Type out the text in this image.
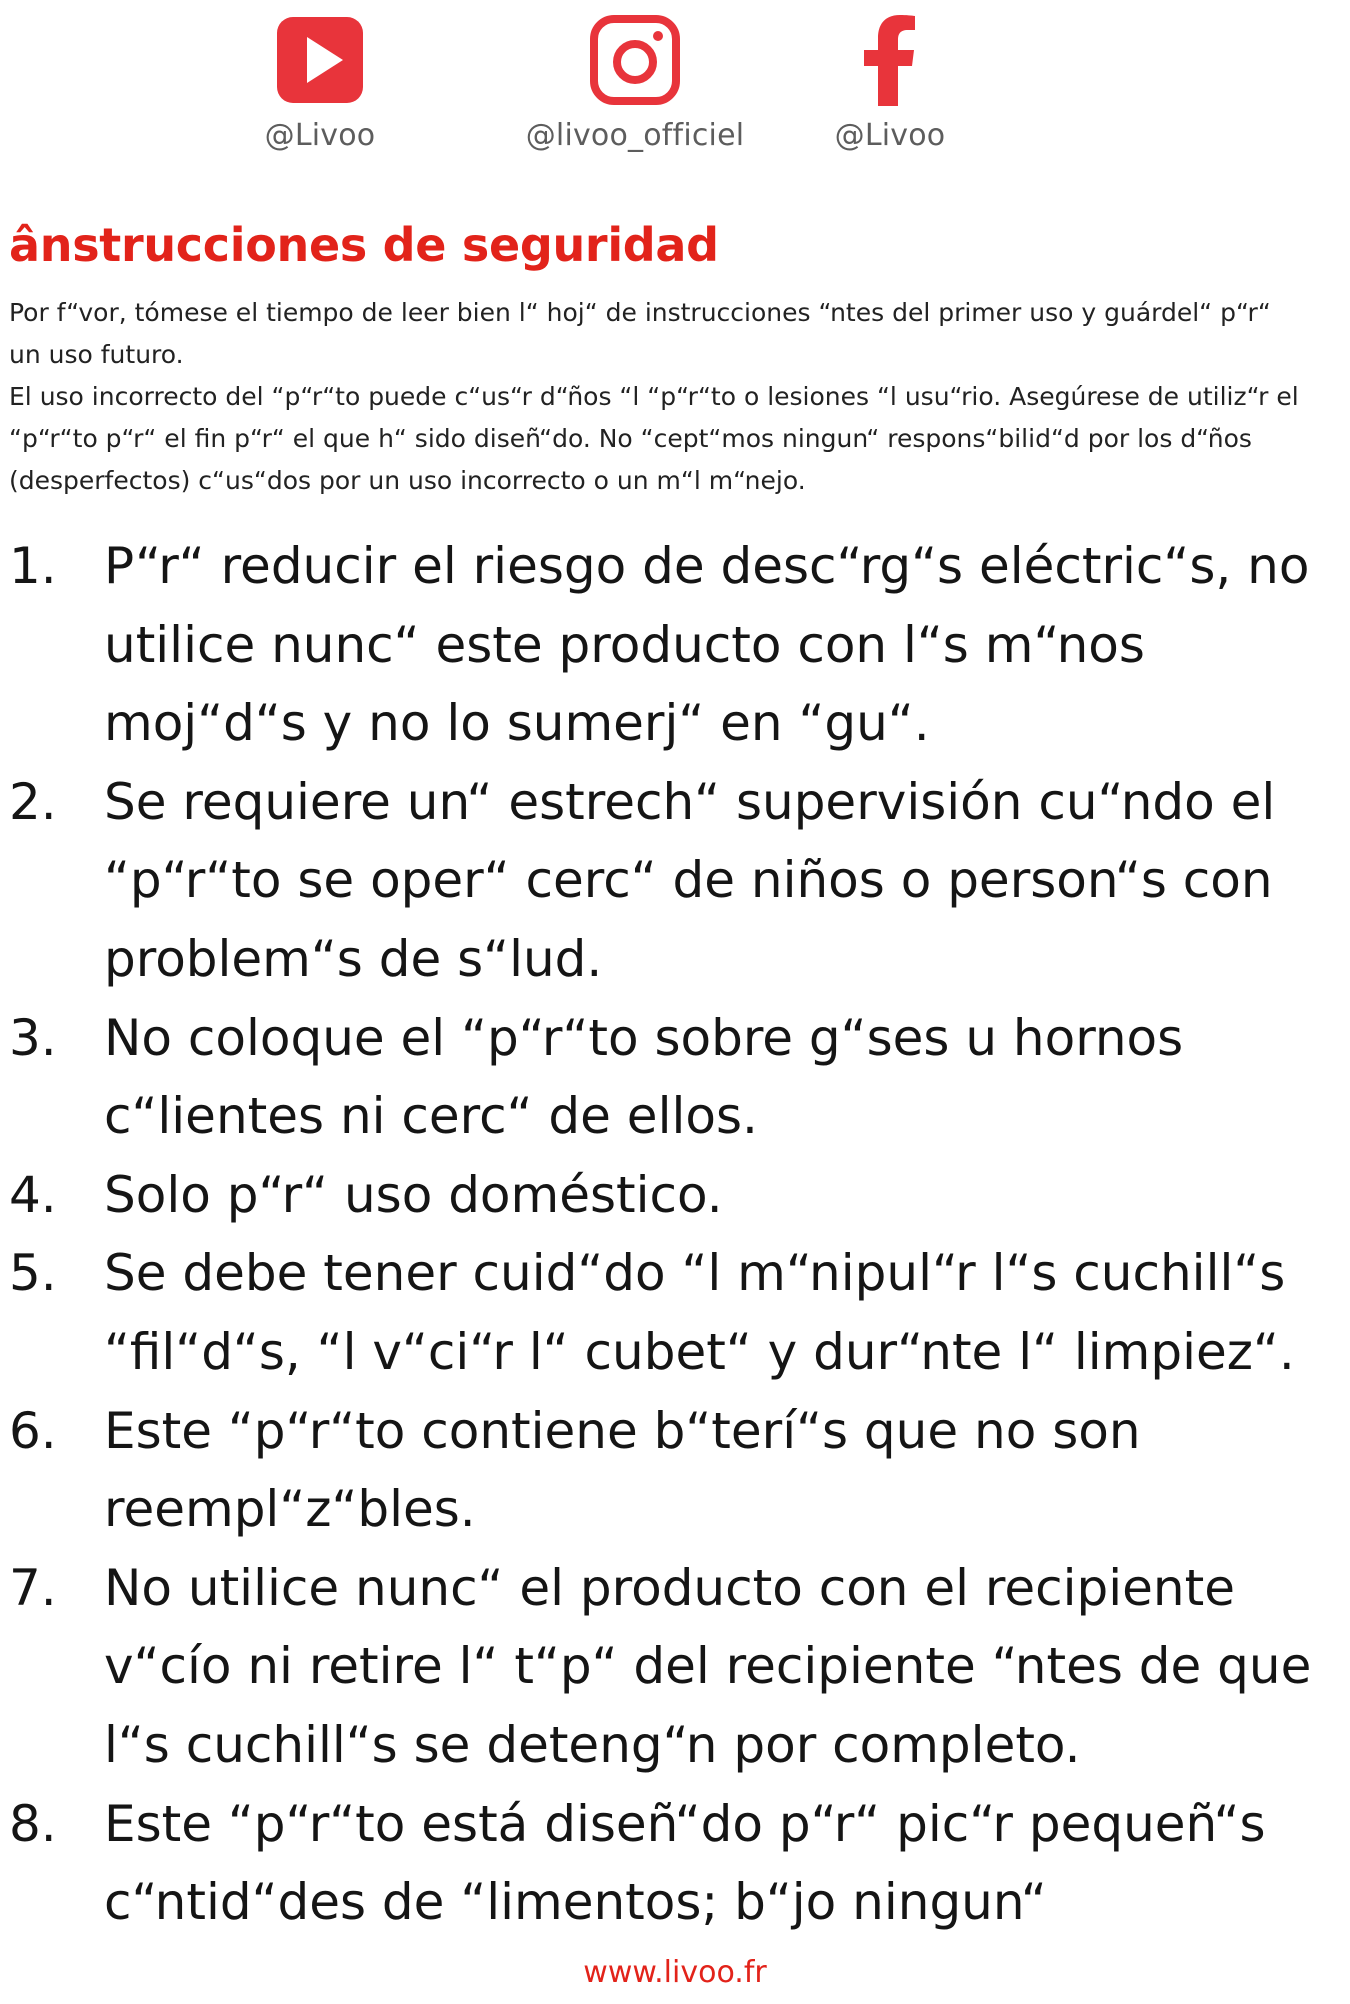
@Livoo	@livoo_officiel	@Livoo
ânstrucciones de seguridad

Por f“vor, tómese el tiempo de leer bien l“ hoj“ de instrucciones “ntes del primer uso y guárdel“ p“r“ un uso futuro.

El uso incorrecto del “p“r“to puede c“us“r d“ños “l “p“r“to o lesiones “l usu“rio. Asegúrese de utiliz“r el “p“r“to p“r“ el fin p“r“ el que h“ sido diseñ“do. No “cept“mos ningun“ respons“bilid“d por los d“ños (desperfectos) c“us“dos por un uso incorrecto o un m“l m“nejo.

1. P“r“ reducir el riesgo de desc“rg“s eléctric“s, no utilice nunc“ este producto con l“s m“nos moj“d“s y no lo sumerj“ en “gu“.
2. Se requiere un“ estrech“ supervisión cu“ndo el “p“r“to se oper“ cerc“ de niños o person“s con problem“s de s“lud.
3. No coloque el “p“r“to sobre g“ses u hornos c“lientes ni cerc“ de ellos.
4. Solo p“r“ uso doméstico.
5. Se debe tener cuid“do “l m“nipul“r l“s cuchill“s “fil“d“s, “l v“ci“r l“ cubet“ y dur“nte l“ limpiez“.
6. Este “p“r“to contiene b“terí“s que no son reempl“z“bles.
7. No utilice nunc“ el producto con el recipiente v“cío ni retire l“ t“p“ del recipiente “ntes de que l“s cuchill“s se deteng“n por completo.
8. Este “p“r“to está diseñ“do p“r“ pic“r pequeñ“s c“ntid“des de “limentos; b“jo ningun“
www.livoo.fr
